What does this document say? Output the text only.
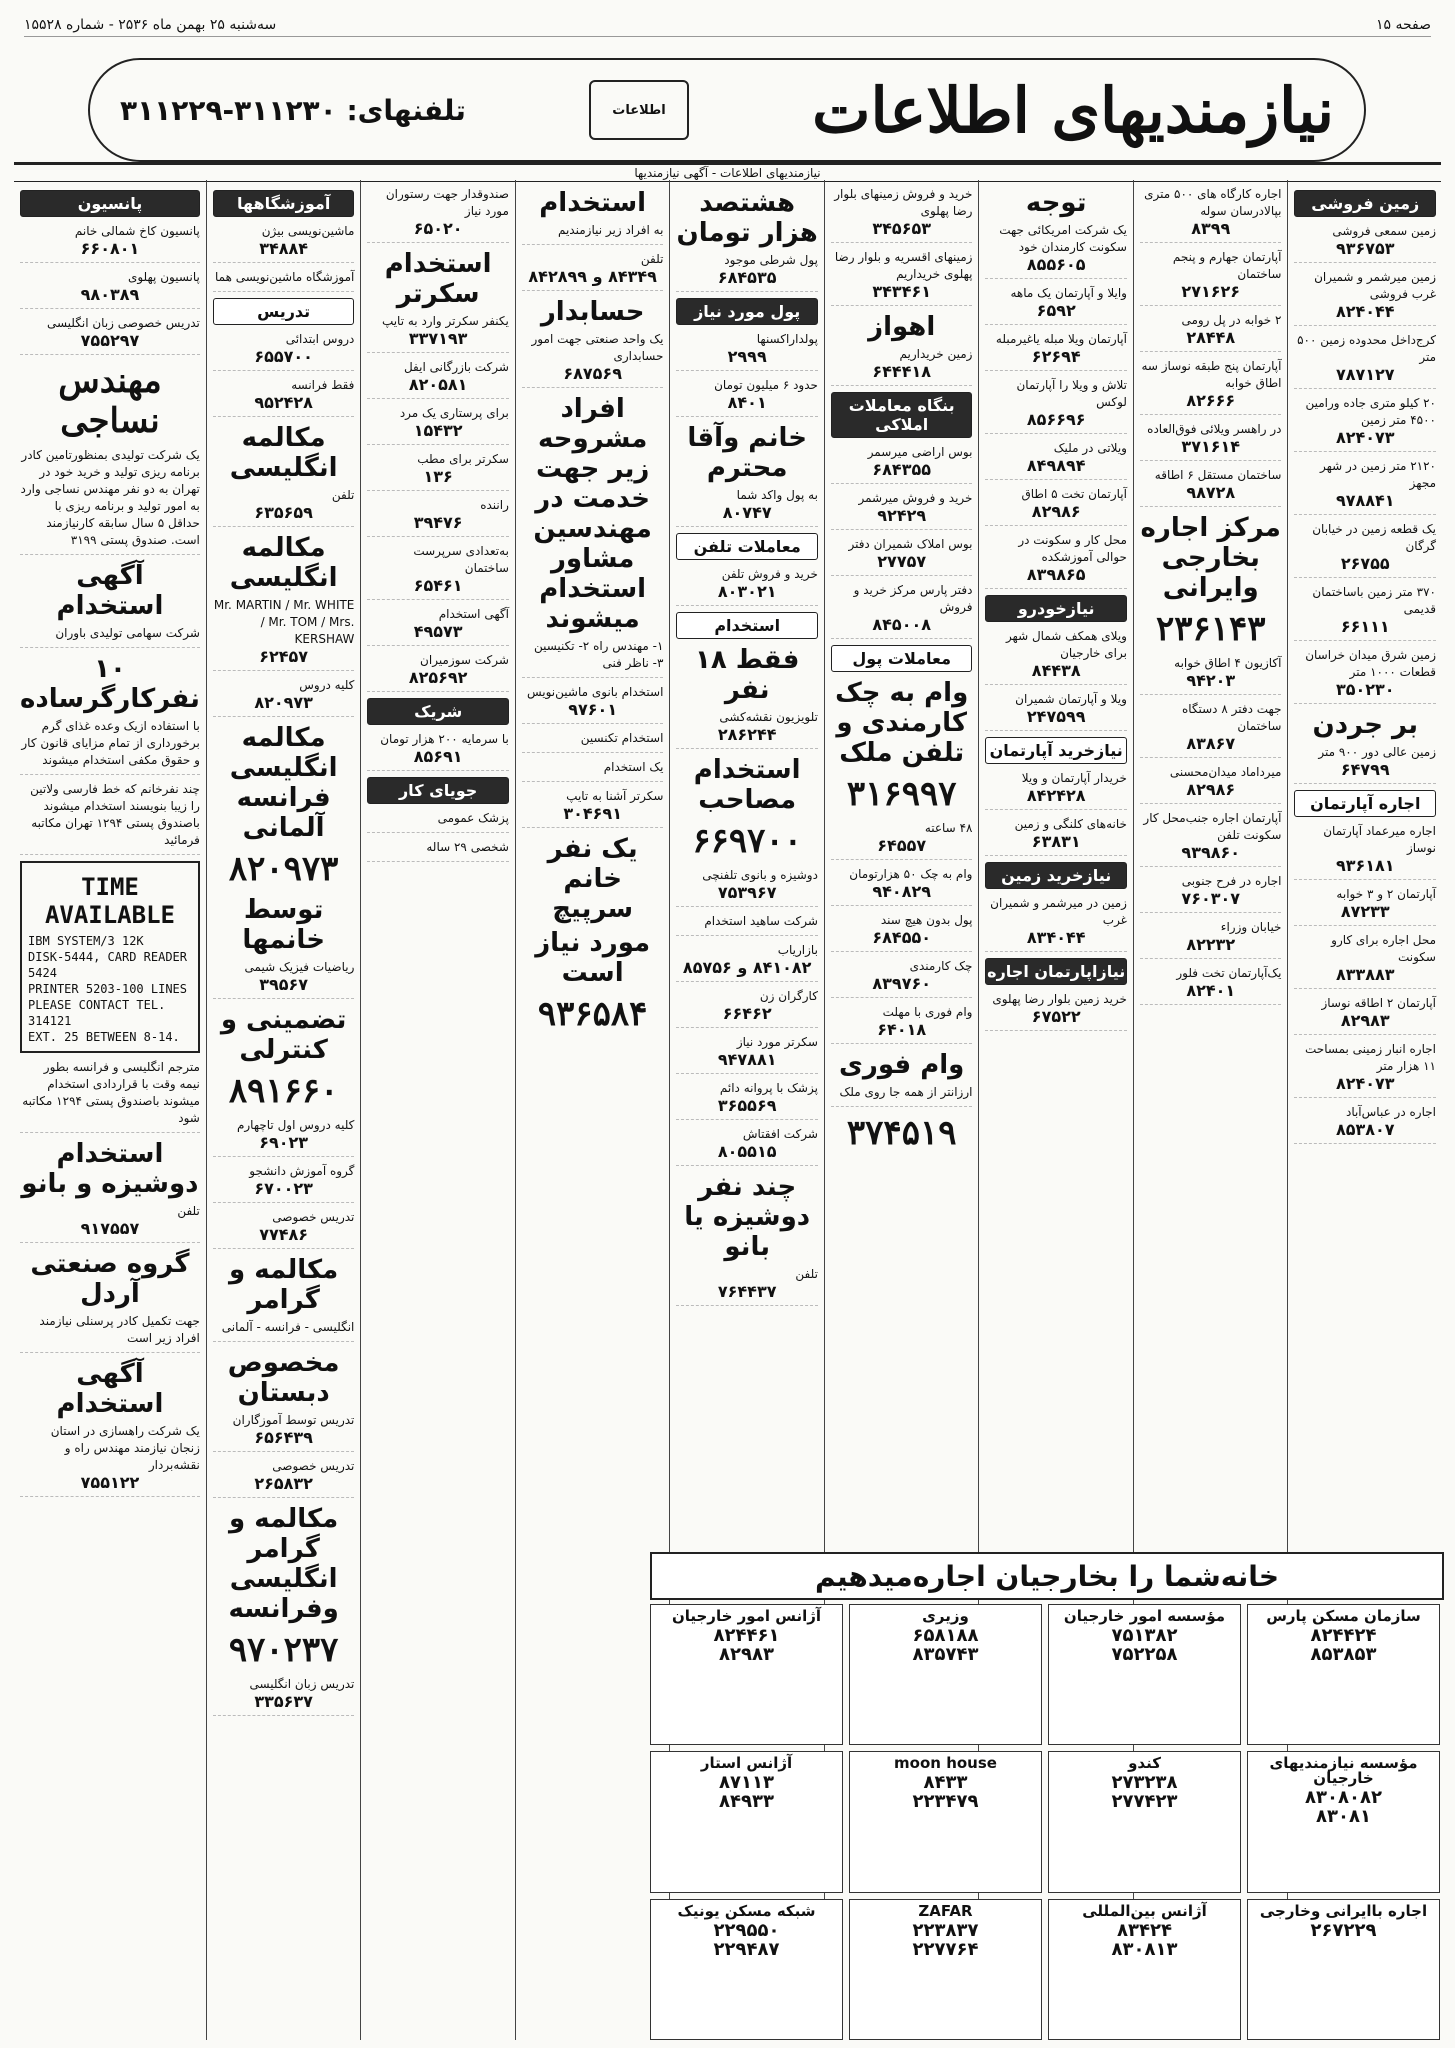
صفحه ۱۵
سه‌شنبه ۲۵ بهمن ماه ۲۵۳۶ - شماره ۱۵۵۲۸
نیازمندیهای اطلاعات
اطلاعات
تلفنهای: ۳۱۱۲۳۰-۳۱۱۲۲۹
نیازمندیهای اطلاعات - آگهی نیازمندیها
زمین فروشی
زمین سمعی فروشی
۹۳۶۷۵۳
زمین میرشمر و شمیران غرب فروشی
۸۲۴۰۴۴
کرج‌داخل محدوده زمین ۵۰۰ متر
۷۸۷۱۲۷
۲۰ کیلو متری جاده ورامین ۴۵۰۰ متر زمین
۸۲۴۰۷۳
۲۱۲۰ متر زمین در شهر مجهز
۹۷۸۸۴۱
یک قطعه زمین در خیابان گرگان
۲۶۷۵۵
۳۷۰ متر زمین باساختمان قدیمی
۶۶۱۱۱
زمین شرق میدان خراسان قطعات ۱۰۰۰ متر
۳۵۰۲۳۰
بر جردن
زمین عالی دور ۹۰۰ متر
۶۴۷۹۹
اجاره آپارتمان
اجاره میرعماد آپارتمان نوساز
۹۳۶۱۸۱
آپارتمان ۲ و ۳ خوابه
۸۷۲۳۳
محل اجاره برای کارو سکونت
۸۳۳۸۸۳
آپارتمان ۲ اطاقه نوساز
۸۲۹۸۳
اجاره انبار زمینی بمساحت ۱۱ هزار متر
۸۲۴۰۷۳
اجاره در عباس‌آباد
۸۵۳۸۰۷
اجاره کارگاه های ۵۰۰ متری بپالادرسان سوله
۸۳۹۹
آپارتمان جهارم و پنجم ساختمان
۲۷۱۶۲۶
۲ خوابه در پل رومی
۲۸۴۴۸
آپارتمان پنج طبقه نوساز سه اطاق خوابه
۸۲۶۶۶
در راهسر ویلائی فوق‌العاده
۳۷۱۶۱۴
ساختمان مستقل ۶ اطاقه
۹۸۷۲۸
مرکز اجاره بخارجی وایرانی
۲۳۶۱۴۳
آکازیون ۴ اطاق خوابه
۹۴۲۰۳
جهت دفتر ۸ دستگاه ساختمان
۸۳۸۶۷
میرداماد میدان‌محسنی
۸۲۹۸۶
آپارتمان اجاره جنب‌محل کار سکونت تلفن
۹۳۹۸۶۰
اجاره در فرح جنوبی
۷۶۰۳۰۷
خیابان وزراء
۸۲۲۳۲
یک‌آپارتمان تخت فلور
۸۲۴۰۱
توجه
یک شرکت امریکائی جهت سکونت کارمندان خود
۸۵۵۶۰۵
وایلا و آپارتمان یک ماهه
۶۵۹۲
آپارتمان ویلا مبله یاغیرمبله
۶۲۶۹۴
تلاش و ویلا را آپارتمان لوکس
۸۵۶۶۹۶
ویلاتی در ملیک
۸۴۹۸۹۴
آپارتمان تخت ۵ اطاق
۸۲۹۸۶
محل کار و سکونت در حوالی آموزشکده
۸۳۹۸۶۵
نیازخودرو
ویلای همکف شمال شهر برای خارجیان
۸۴۴۳۸
ویلا و آپارتمان شمیران
۲۴۷۵۹۹
نیازخرید آپارتمان
خریدار آپارتمان و ویلا
۸۴۲۴۲۸
خانه‌های کلنگی و زمین
۶۳۸۳۱
نیازخرید زمین
زمین در میرشمر و شمیران غرب
۸۳۴۰۴۴
نیازاپارتمان اجاره
خرید زمین بلوار رضا پهلوی
۶۷۵۲۲
خرید و فروش زمینهای بلوار رضا پهلوی
۳۴۵۶۵۳
زمینهای اقسریه و بلوار رضا پهلوی خریداریم
۳۴۳۴۶۱
اهواز
زمین خریداریم
۶۴۴۴۱۸
بنگاه معاملات املاکی
بوس اراضی میرسمر
۶۸۴۳۵۵
خرید و فروش میرشمر
۹۲۴۲۹
بوس املاک شمیران دفتر
۲۷۷۵۷
دفتر پارس مرکز خرید و فروش
۸۴۵۰۰۸
معاملات پول
وام به چک کارمندی و تلفن ملک
۳۱۶۹۹۷
۴۸ ساعته
۶۴۵۵۷
وام به چک ۵۰ هزارتومان
۹۴۰۸۲۹
پول بدون هیچ سند
۶۸۴۵۵۰
چک کارمندی
۸۳۹۷۶۰
وام فوری با مهلت
۶۴۰۱۸
وام فوری
ارزانتر از همه جا روی ملک
۳۷۴۵۱۹
هشتصد هزار تومان
پول شرطی موجود
۶۸۴۵۳۵
پول مورد نیاز
پولداراکسنها
۲۹۹۹
حدود ۶ میلیون تومان
۸۴۰۱
خانم وآقا محترم
به پول واکد شما
۸۰۷۴۷
معاملات تلفن
خرید و فروش تلفن
۸۰۳۰۲۱
استخدام
فقط ۱۸ نفر
تلویزیون نقشه‌کشی
۲۸۶۲۴۴
استخدام مصاحب
۶۶۹۷۰۰
دوشیزه و بانوی تلفنچی
۷۵۳۹۶۷
شرکت ساهید استخدام
بازاریاب
۸۴۱۰۸۲ و ۸۵۷۵۶
کارگران زن
۶۶۴۶۲
سکرتر مورد نیاز
۹۴۷۸۸۱
پزشک با پروانه دائم
۳۶۵۵۶۹
شرکت افقتاش
۸۰۵۵۱۵
چند نفر دوشیزه یا بانو
تلفن
۷۶۴۴۳۷
استخدام
به افراد زیر نیازمندیم
تلفن
۸۴۳۴۹ و ۸۴۲۸۹۹
حسابدار
یک واحد صنعتی جهت امور حسابداری
۶۸۷۵۶۹
افراد مشروحه زیر جهت خدمت در مهندسین مشاور استخدام میشوند
۱- مهندس راه ۲- تکنیسین ۳- ناظر فنی
استخدام بانوی ماشین‌نویس
۹۷۶۰۱
استخدام تکنسین
یک استخدام
سکرتر آشنا به تایپ
۳۰۴۶۹۱
یک نفر خانم سرپیچ
مورد نیاز است
۹۳۶۵۸۴
صندوقدار جهت رستوران مورد نیاز
۶۵۰۲۰
استخدام سکرتر
یکنفر سکرتر وارد به تایپ
۳۳۷۱۹۳
شرکت بازرگانی ایفل
۸۲۰۵۸۱
برای پرستاری یک مرد
۱۵۴۳۲
سکرتر برای مطب
۱۳۶
راننده
۳۹۴۷۶
به‌تعدادی سرپرست ساختمان
۶۵۴۶۱
آگهی استخدام
۴۹۵۷۳
شرکت سوزمیران
۸۲۵۶۹۲
شریک
با سرمایه ۲۰۰ هزار تومان
۸۵۶۹۱
جویای کار
پزشک عمومی
شخصی ۲۹ ساله
آموزشگاهها
ماشین‌نویسی بیژن
۳۴۸۸۴
آموزشگاه ماشین‌نویسی هما
تدریس
دروس ابتدائی
۶۵۵۷۰۰
فقط فرانسه
۹۵۲۴۲۸
مکالمه انگلیسی
تلفن
۶۳۵۶۵۹
مکالمه انگلیسی
Mr. MARTIN / Mr. WHITE / Mr. TOM / Mrs. KERSHAW
۶۲۴۵۷
کلیه دروس
۸۲۰۹۷۳
مکالمه انگلیسی فرانسه آلمانی
۸۲۰۹۷۳
توسط خانمها
ریاضیات فیزیک شیمی
۳۹۵۶۷
تضمینی و کنترلی
۸۹۱۶۶۰
کلیه دروس اول تاچهارم
۶۹۰۲۳
گروه آموزش دانشجو
۶۷۰۰۲۳
تدریس خصوصی
۷۷۴۸۶
مکالمه و گرامر
انگلیسی - فرانسه - آلمانی
مخصوص دبستان
تدریس توسط آموزگاران
۶۵۶۴۳۹
تدریس خصوصی
۲۶۵۸۳۲
مکالمه و گرامر انگلیسی وفرانسه
۹۷۰۲۳۷
تدریس زبان انگلیسی
۳۳۵۶۳۷
پانسیون
پانسیون کاخ شمالی خانم
۶۶۰۸۰۱
پانسیون پهلوی
۹۸۰۳۸۹
تدریس خصوصی زبان انگلیسی
۷۵۵۲۹۷
مهندس نساجی
یک شرکت تولیدی بمنظورتامین کادر برنامه ریزی تولید و خرید خود در تهران به دو نفر مهندس نساجی وارد به امور تولید و برنامه ریزی با حداقل ۵ سال سابقه کارنیازمند است. صندوق پستی ۳۱۹۹
آگهی استخدام
شرکت سهامی تولیدی باوران
۱۰ نفرکارگرساده
با استفاده ازیک وعده غذای گرم برخورداری از تمام مزایای قانون کار و حقوق مکفی استخدام میشوند
چند نفرخانم که خط فارسی ولاتین را زیبا بنویسند استخدام میشوند باصندوق پستی ۱۲۹۴ تهران مکاتبه فرمائید
TIME AVAILABLE
IBM SYSTEM/3 12K
DISK-5444, CARD READER 5424
PRINTER 5203-100 LINES
PLEASE CONTACT TEL. 314121
EXT. 25 BETWEEN 8-14.
مترجم انگلیسی و فرانسه بطور نیمه وقت با قراردادی استخدام میشوند باصندوق پستی ۱۲۹۴ مکاتبه شود
استخدام دوشیزه و بانو
تلفن
۹۱۷۵۵۷
گروه صنعتی آردل
جهت تکمیل کادر پرسنلی نیازمند افراد زیر است
آگهی استخدام
یک شرکت راهسازی در استان زنجان نیازمند مهندس راه و نقشه‌بردار
۷۵۵۱۲۲
خانه‌شما را بخارجیان اجاره‌میدهیم
سازمان مسکن پارس
۸۲۴۴۲۴
۸۵۳۸۵۳
مؤسسه امور خارجیان
۷۵۱۳۸۲
۷۵۲۲۵۸
وزیری
۶۵۸۱۸۸
۸۳۵۷۴۳
آژانس امور خارجیان
۸۲۴۴۶۱
۸۲۹۸۳
مؤسسه نیازمندیهای خارجیان
۸۳۰۸۰۸۲
۸۳۰۸۱
کندو
۲۷۳۲۳۸
۲۷۷۴۲۳
moon house
۸۴۳۳
۲۲۳۴۷۹
آژانس استار
۸۷۱۱۳
۸۴۹۳۳
اجاره باایرانی وخارجی
۲۶۷۲۲۹
آژانس بین‌المللی
۸۳۴۲۴
۸۳۰۸۱۳
ZAFAR
۲۲۳۸۳۷
۲۲۷۷۶۴
شبکه مسکن یونیک
۲۲۹۵۵۰
۲۲۹۴۸۷
